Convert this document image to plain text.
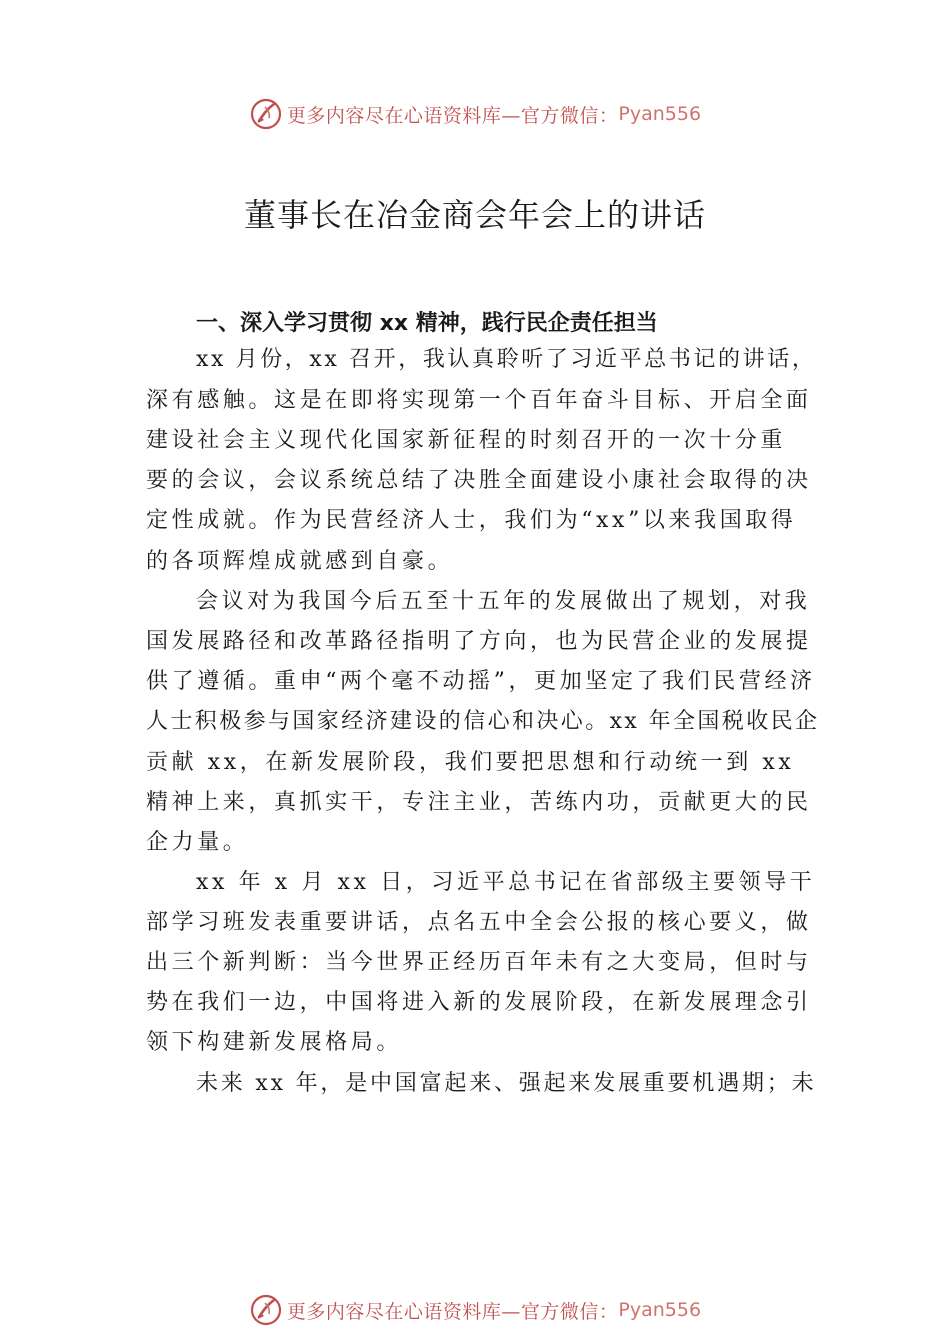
更多内容尽在心语资料库—官方微信： Pyan556
董事长在冶金商会年会上的讲话
一、深入学习贯彻 xx 精神，践行民企责任担当
xx 月份，xx 召开，我认真聆听了习近平总书记的讲话，
深有感触。这是在即将实现第一个百年奋斗目标、开启全面
建设社会主义现代化国家新征程的时刻召开的一次十分重
要的会议，会议系统总结了决胜全面建设小康社会取得的决
定性成就。作为民营经济人士，我们为“xx”以来我国取得
的各项辉煌成就感到自豪。
会议对为我国今后五至十五年的发展做出了规划，对我
国发展路径和改革路径指明了方向，也为民营企业的发展提
供了遵循。重申“两个毫不动摇”，更加坚定了我们民营经济
人士积极参与国家经济建设的信心和决心。xx 年全国税收民企
贡献 xx，在新发展阶段，我们要把思想和行动统一到 xx
精神上来，真抓实干，专注主业，苦练内功，贡献更大的民
企力量。
xx 年 x 月 xx 日，习近平总书记在省部级主要领导干
部学习班发表重要讲话，点名五中全会公报的核心要义，做
出三个新判断：当今世界正经历百年未有之大变局，但时与
势在我们一边，中国将进入新的发展阶段，在新发展理念引
领下构建新发展格局。
未来 xx 年，是中国富起来、强起来发展重要机遇期；未
更多内容尽在心语资料库—官方微信： Pyan556
